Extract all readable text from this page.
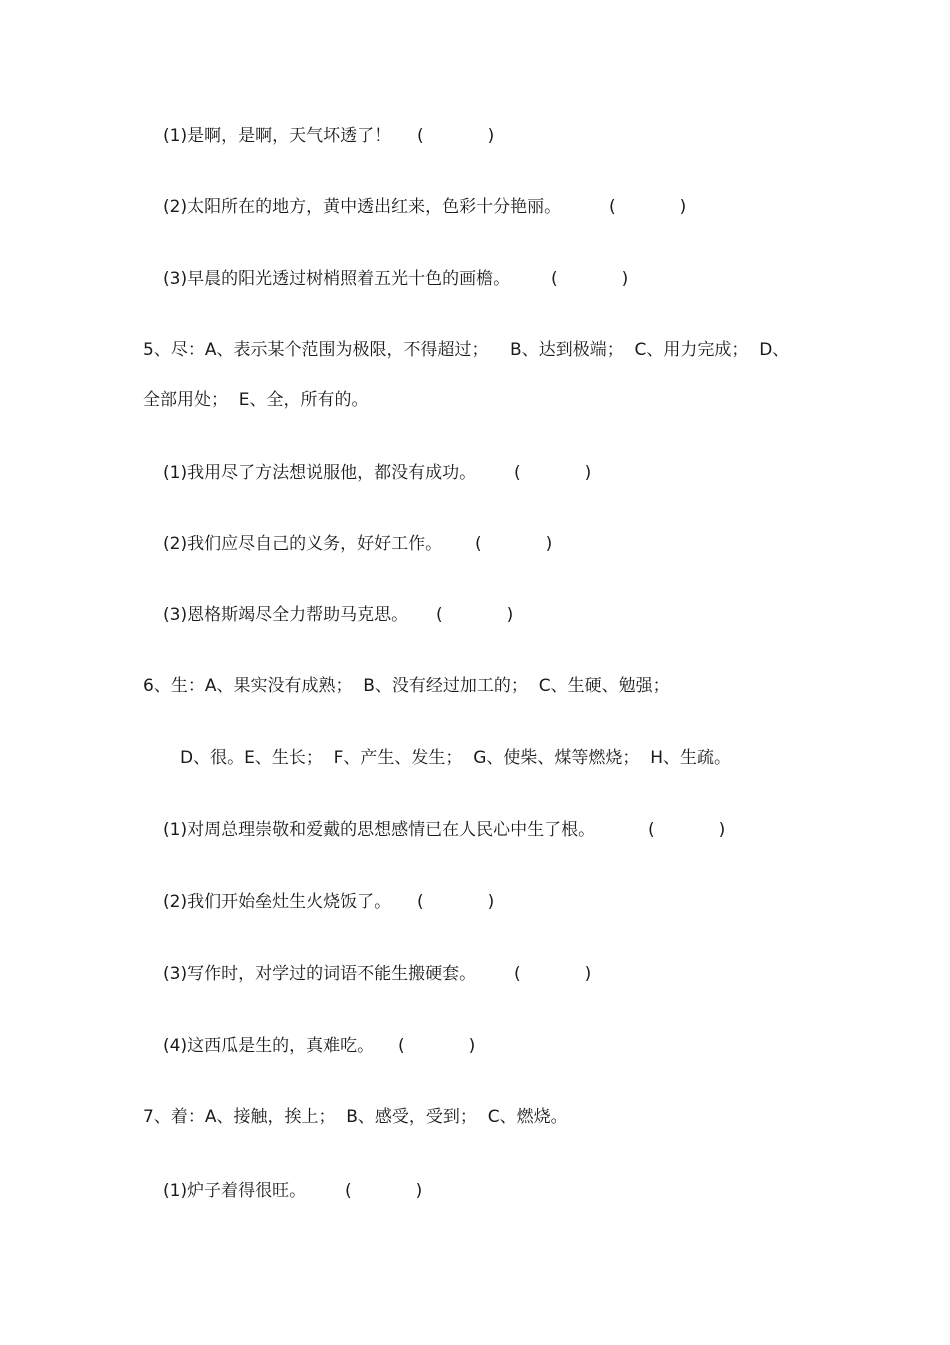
(1)是啊，是啊，天气坏透了！ (	)
(2)太阳所在的地方，黄中透出红来，色彩十分艳丽。	(	)
(3)早晨的阳光透过树梢照着五光十色的画檐。 (	)
5、尽：A、表示某个范围为极限，不得超过；    B、达到极端；  C、用力完成；  D、
全部用处；  E、全，所有的。
(1)我用尽了方法想说服他，都没有成功。 (	)
(2)我们应尽自己的义务，好好工作。 (	)
(3)恩格斯竭尽全力帮助马克思。 (	)
6、生：A、果实没有成熟；  B、没有经过加工的；  C、生硬、勉强；
D、很。E、生长；  F、产生、发生；  G、使柴、煤等燃烧；  H、生疏。
(1)对周总理崇敬和爱戴的思想感情已在人民心中生了根。	(	)
(2)我们开始垒灶生火烧饭了。 (	)
(3)写作时，对学过的词语不能生搬硬套。 (	)
(4)这西瓜是生的，真难吃。 (	)
7、着：A、接触，挨上；  B、感受，受到；  C、燃烧。
(1)炉子着得很旺。 (	)
